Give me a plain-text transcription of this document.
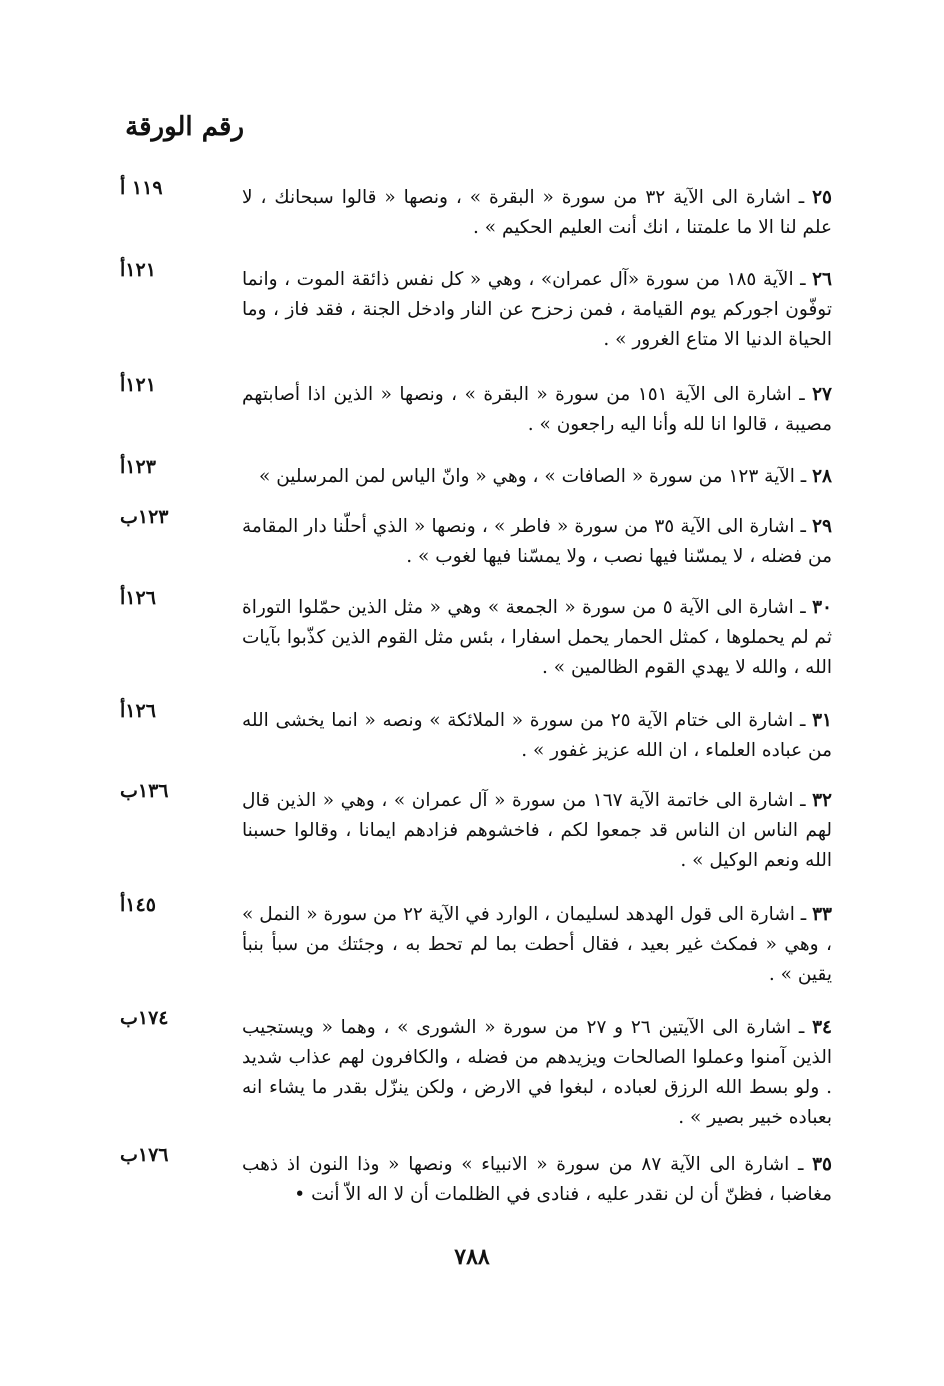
رقم الورقة
٢٥ ـ اشارة الى الآية ٣٢ من سورة « البقرة » ، ونصها « قالوا سبحانك ، لا علم لنا الا ما علمتنا ، انك أنت العليم الحكيم » .
١١٩ أ
٢٦ ـ الآية ١٨٥ من سورة «آل عمران» ، وهي « كل نفس ذائقة الموت ، وانما توفّون اجوركم يوم القيامة ، فمن زحزح عن النار وادخل الجنة ، فقد فاز ، وما الحياة الدنيا الا متاع الغرور » .
١٢١أ
٢٧ ـ اشارة الى الآية ١٥١ من سورة « البقرة » ، ونصها « الذين اذا أصابتهم مصيبة ، قالوا انا لله وأنا اليه راجعون » .
١٢١أ
٢٨ ـ الآية ١٢٣ من سورة « الصافات » ، وهي « وانّ الياس لمن المرسلين »
١٢٣أ
٢٩ ـ اشارة الى الآية ٣٥ من سورة « فاطر » ، ونصها « الذي أحلّنا دار المقامة من فضله ، لا يمسّنا فيها نصب ، ولا يمسّنا فيها لغوب » .
١٢٣ب
٣٠ ـ اشارة الى الآية ٥ من سورة « الجمعة » وهي « مثل الذين حمّلوا التوراة ثم لم يحملوها ، كمثل الحمار يحمل اسفارا ، بئس مثل القوم الذين كذّبوا بآيات الله ، والله لا يهدي القوم الظالمين » .
١٢٦أ
٣١ ـ اشارة الى ختام الآية ٢٥ من سورة « الملائكة » ونصه « انما يخشى الله من عباده العلماء ، ان الله عزيز غفور » .
١٢٦أ
٣٢ ـ اشارة الى خاتمة الآية ١٦٧ من سورة « آل عمران » ، وهي « الذين قال لهم الناس ان الناس قد جمعوا لكم ، فاخشوهم فزادهم ايمانا ، وقالوا حسبنا الله ونعم الوكيل » .
١٣٦ب
٣٣ ـ اشارة الى قول الهدهد لسليمان ، الوارد في الآية ٢٢ من سورة « النمل » ، وهي « فمكث غير بعيد ، فقال أحطت بما لم تحط به ، وجئتك من سبأ بنبأ يقين » .
١٤٥أ
٣٤ ـ اشارة الى الآيتين ٢٦ و ٢٧ من سورة « الشورى » ، وهما « ويستجيب الذين آمنوا وعملوا الصالحات ويزيدهم من فضله ، والكافرون لهم عذاب شديد . ولو بسط الله الرزق لعباده ، لبغوا في الارض ، ولكن ينزّل بقدر ما يشاء انه بعباده خبير بصير » .
١٧٤ب
٣٥ ـ اشارة الى الآية ٨٧ من سورة « الانبياء » ونصها « وذا النون اذ ذهب مغاضبا ، فظنّ أن لن نقدر عليه ، فنادى في الظلمات أن لا اله الاّ أنت •
١٧٦ب
٧٨٨
